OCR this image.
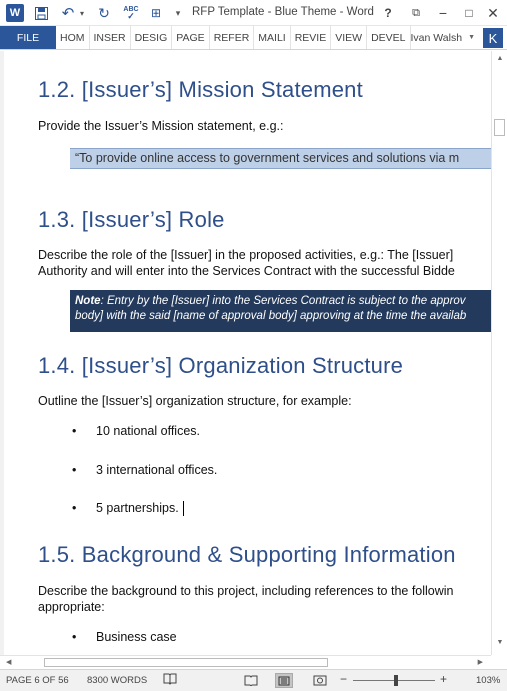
W	↶ ▾ ↻	ABC
✓ ⊞	▾ RFP Template - Blue Theme - Word ?	⧉ − □ ✕
FILE	HOM INSER DESIG PAGE REFER MAILI REVIE VIEW DEVEL Ivan Walsh ▼	K
1.2. [Issuer’s] Mission Statement
Provide the Issuer’s Mission statement, e.g.:
“To provide online access to government services and solutions via m
1.3. [Issuer’s] Role
Describe the role of the [Issuer] in the proposed activities, e.g.: The [Issuer]
Authority and will enter into the Services Contract with the successful Bidde
Note: Entry by the [Issuer] into the Services Contract is subject to the approv
body] with the said [name of approval body] approving at the time the availab
1.4. [Issuer’s] Organization Structure
Outline the [Issuer’s] organization structure, for example:
• 10 national offices.
• 3 international offices.
• 5 partnerships.
1.5. Background & Supporting Information
Describe the background to this project, including references to the followin
appropriate:
• Business case
▲
▼
◀	▶
PAGE 6 OF 56 8300 WORDS	−	+	103%
